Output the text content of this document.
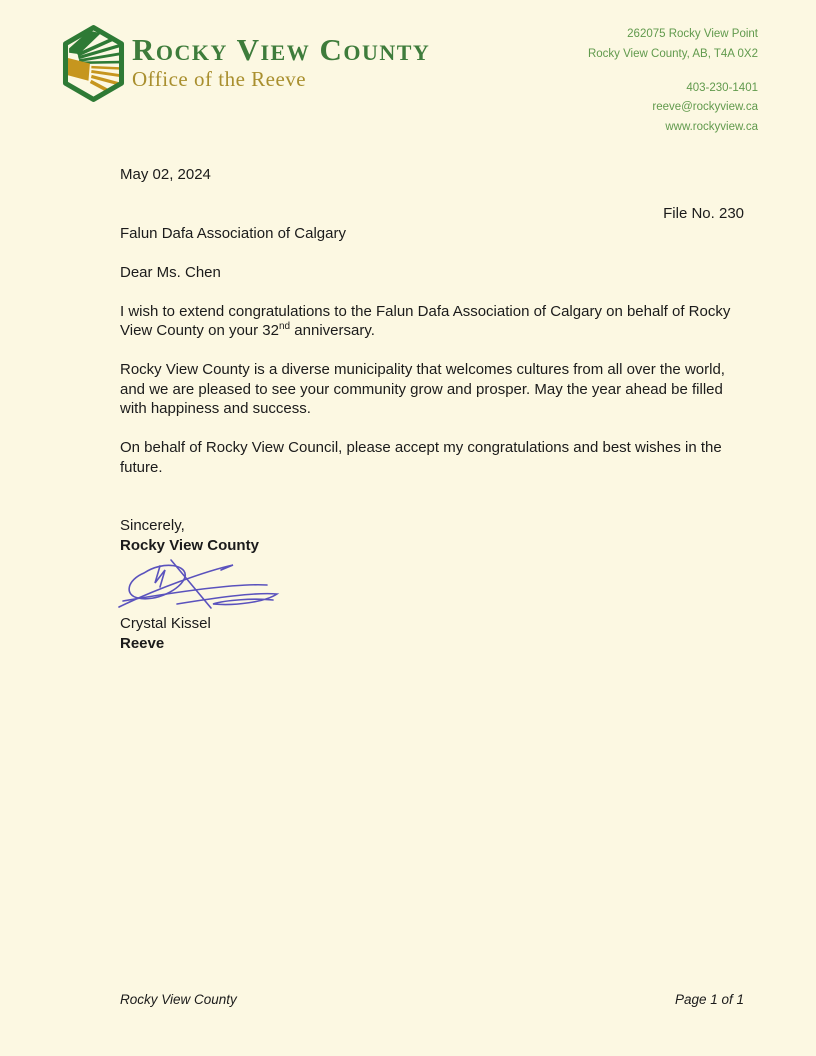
Rocky View County
Office of the Reeve
262075 Rocky View Point
Rocky View County, AB, T4A 0X2
403-230-1401
reeve@rockyview.ca
www.rockyview.ca
May 02, 2024
File No. 230
Falun Dafa Association of Calgary
Dear Ms. Chen
I wish to extend congratulations to the Falun Dafa Association of Calgary on behalf of Rocky View County on your 32nd anniversary.
Rocky View County is a diverse municipality that welcomes cultures from all over the world, and we are pleased to see your community grow and prosper. May the year ahead be filled with happiness and success.
On behalf of Rocky View Council, please accept my congratulations and best wishes in the future.
Sincerely,
Rocky View County
Crystal Kissel
Reeve
Rocky View County	Page 1 of 1
